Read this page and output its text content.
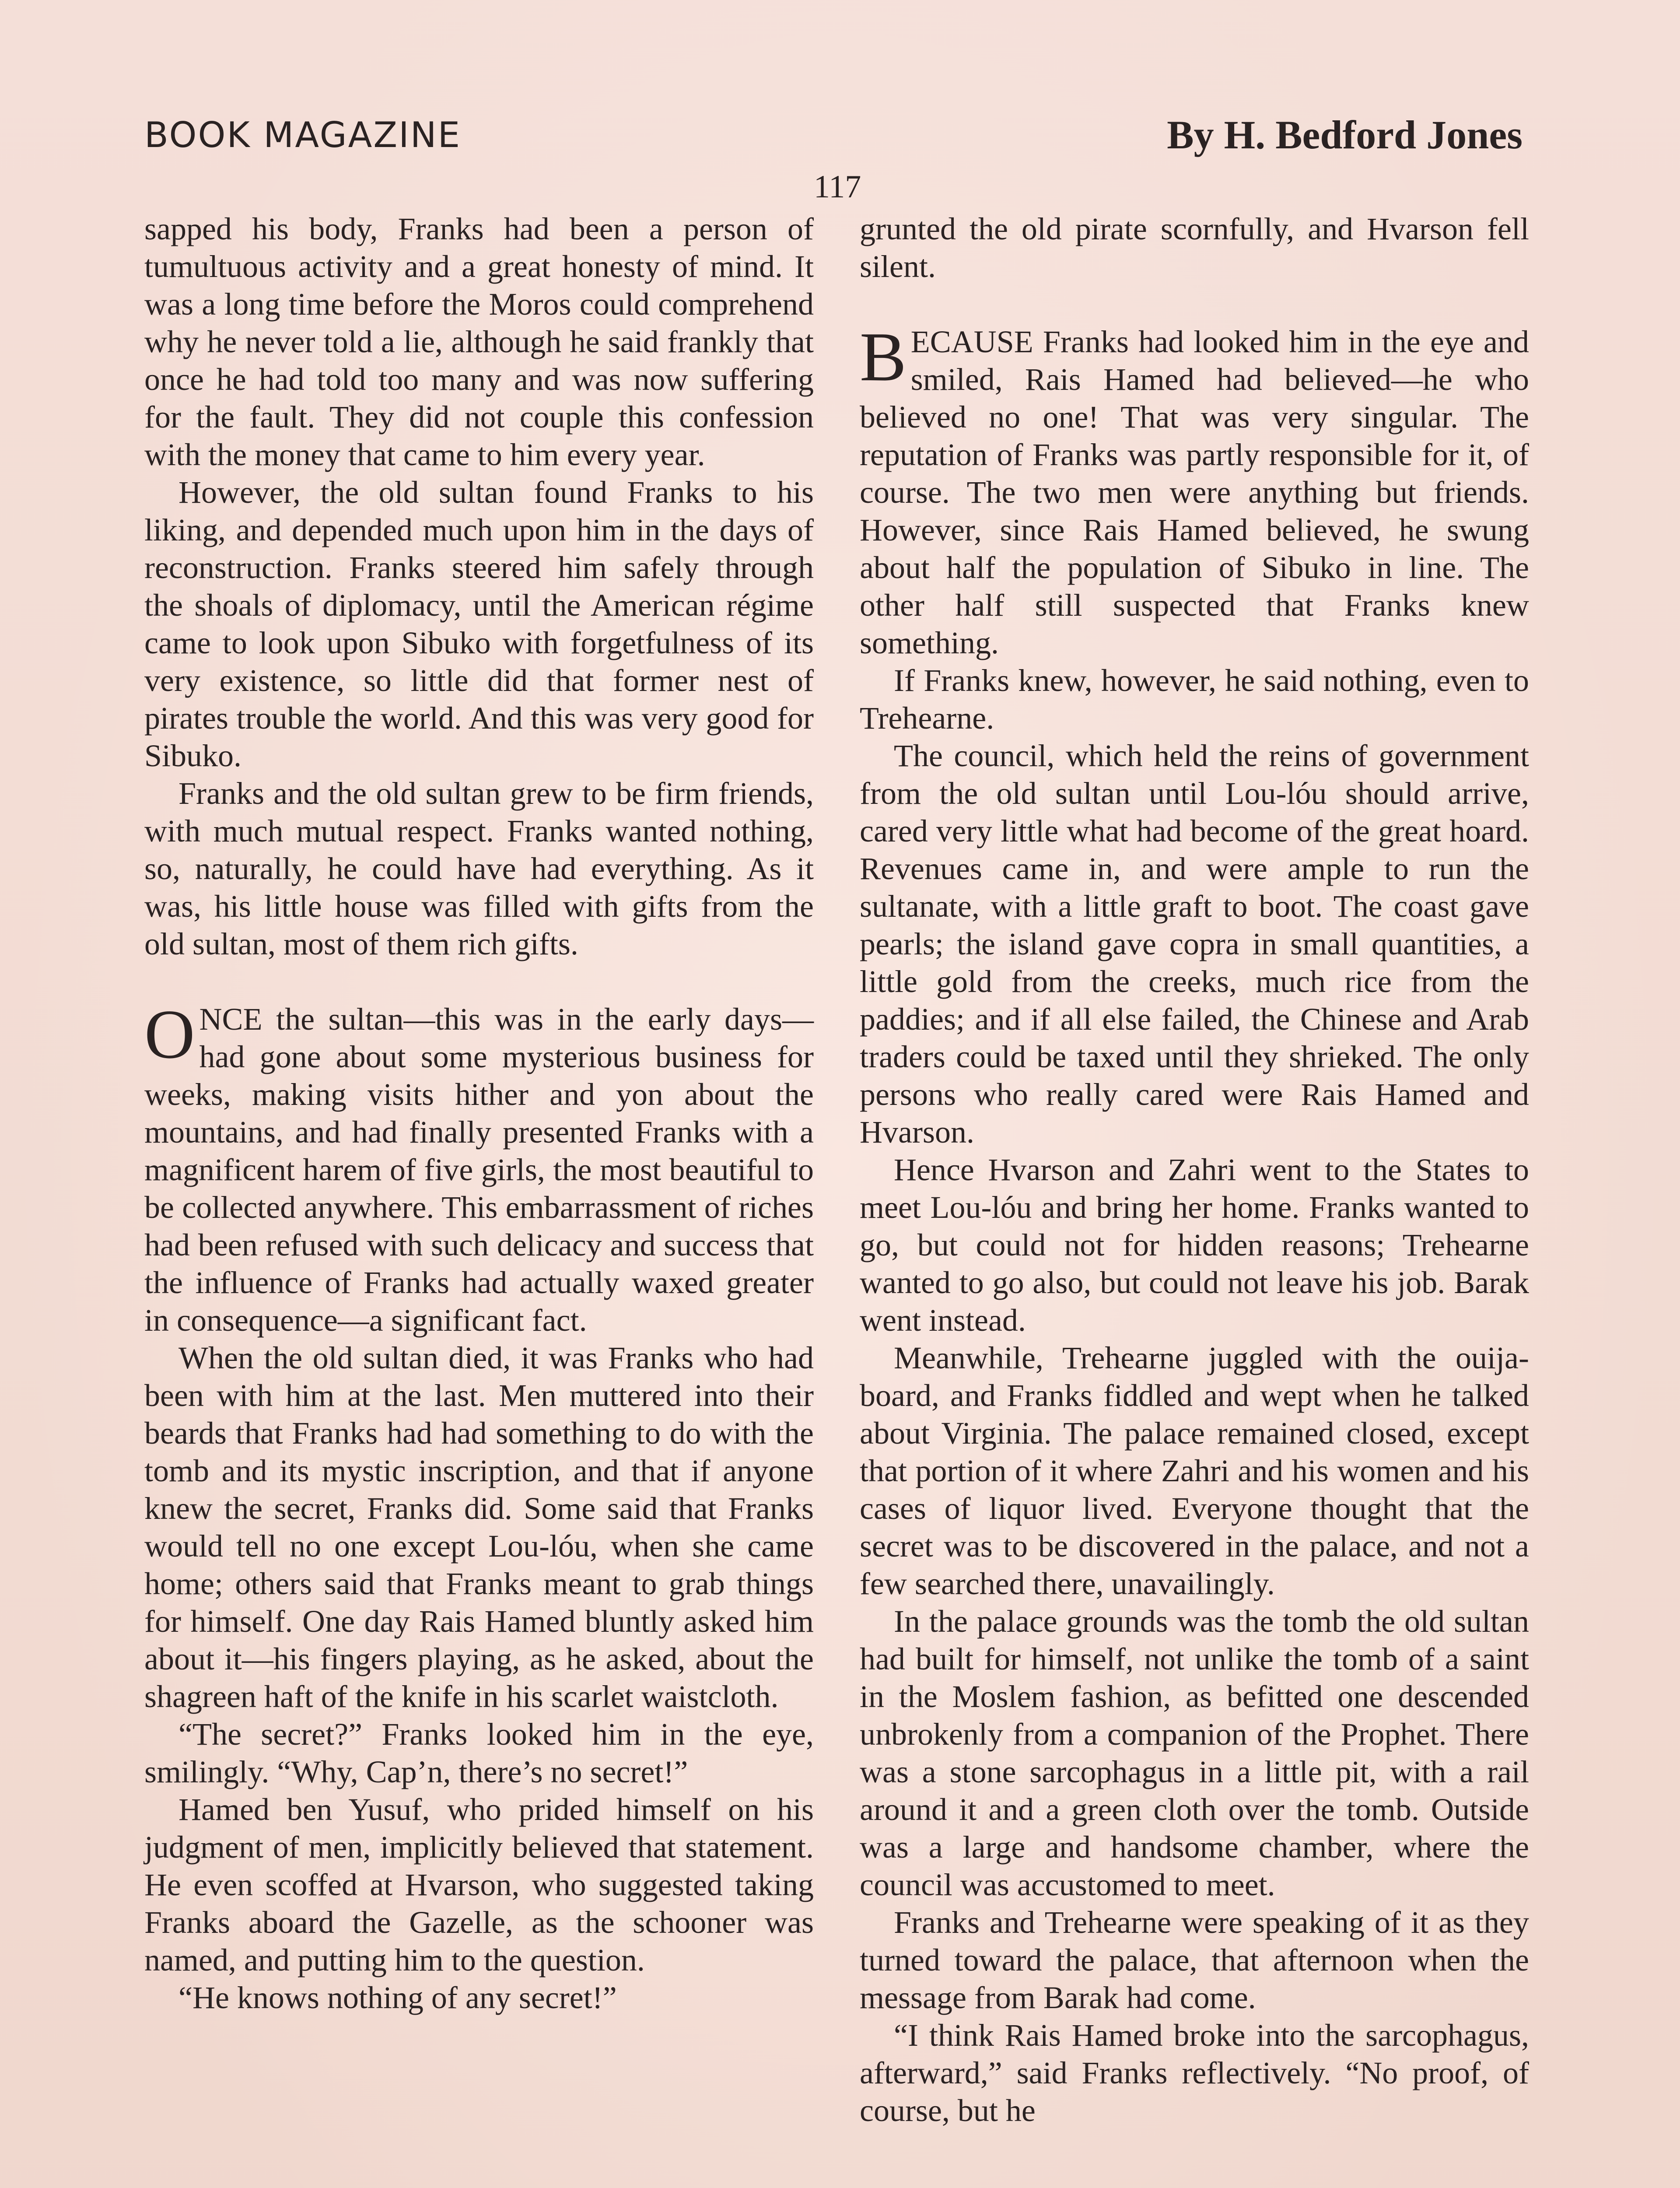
BOOK MAGAZINE	By H. Bedford Jones
117

sapped his body, Franks had been a person of tumultuous activity and a great honesty of mind. It was a long time before the Moros could comprehend why he never told a lie, although he said frankly that once he had told too many and was now suffering for the fault. They did not couple this confession with the money that came to him every year.

However, the old sultan found Franks to his liking, and depended much upon him in the days of reconstruction. Franks steered him safely through the shoals of diplomacy, until the American régime came to look upon Sibuko with forgetfulness of its very existence, so little did that former nest of pirates trouble the world. And this was very good for Sibuko.

Franks and the old sultan grew to be firm friends, with much mutual respect. Franks wanted nothing, so, naturally, he could have had everything. As it was, his little house was filled with gifts from the old sultan, most of them rich gifts.

ONCE the sultan—this was in the early days—had gone about some mysterious business for weeks, making visits hither and yon about the mountains, and had finally presented Franks with a magnificent harem of five girls, the most beautiful to be collected anywhere. This embarrassment of riches had been refused with such delicacy and success that the influence of Franks had actually waxed greater in consequence—a significant fact.

When the old sultan died, it was Franks who had been with him at the last. Men muttered into their beards that Franks had had something to do with the tomb and its mystic inscription, and that if anyone knew the secret, Franks did. Some said that Franks would tell no one except Lou-lóu, when she came home; others said that Franks meant to grab things for himself. One day Rais Hamed bluntly asked him about it—his fingers playing, as he asked, about the shagreen haft of the knife in his scarlet waistcloth.

“The secret?” Franks looked him in the eye, smilingly. “Why, Cap’n, there’s no secret!”

Hamed ben Yusuf, who prided himself on his judgment of men, implicitly believed that statement. He even scoffed at Hvarson, who suggested taking Franks aboard the Gazelle, as the schooner was named, and putting him to the question.

“He knows nothing of any secret!”

grunted the old pirate scornfully, and Hvarson fell silent.

BECAUSE Franks had looked him in the eye and smiled, Rais Hamed had believed—he who believed no one! That was very singular. The reputation of Franks was partly responsible for it, of course. The two men were anything but friends. However, since Rais Hamed believed, he swung about half the population of Sibuko in line. The other half still suspected that Franks knew something.

If Franks knew, however, he said nothing, even to Trehearne.

The council, which held the reins of government from the old sultan until Lou-lóu should arrive, cared very little what had become of the great hoard. Revenues came in, and were ample to run the sultanate, with a little graft to boot. The coast gave pearls; the island gave copra in small quantities, a little gold from the creeks, much rice from the paddies; and if all else failed, the Chinese and Arab traders could be taxed until they shrieked. The only persons who really cared were Rais Hamed and Hvarson.

Hence Hvarson and Zahri went to the States to meet Lou-lóu and bring her home. Franks wanted to go, but could not for hidden reasons; Trehearne wanted to go also, but could not leave his job. Barak went instead.

Meanwhile, Trehearne juggled with the ouija-board, and Franks fiddled and wept when he talked about Virginia. The palace remained closed, except that portion of it where Zahri and his women and his cases of liquor lived. Everyone thought that the secret was to be discovered in the palace, and not a few searched there, unavailingly.

In the palace grounds was the tomb the old sultan had built for himself, not unlike the tomb of a saint in the Moslem fashion, as befitted one descended unbrokenly from a companion of the Prophet. There was a stone sarcophagus in a little pit, with a rail around it and a green cloth over the tomb. Outside was a large and handsome chamber, where the council was accustomed to meet.

Franks and Trehearne were speaking of it as they turned toward the palace, that afternoon when the message from Barak had come.

“I think Rais Hamed broke into the sarcophagus, afterward,” said Franks reflectively. “No proof, of course, but he
